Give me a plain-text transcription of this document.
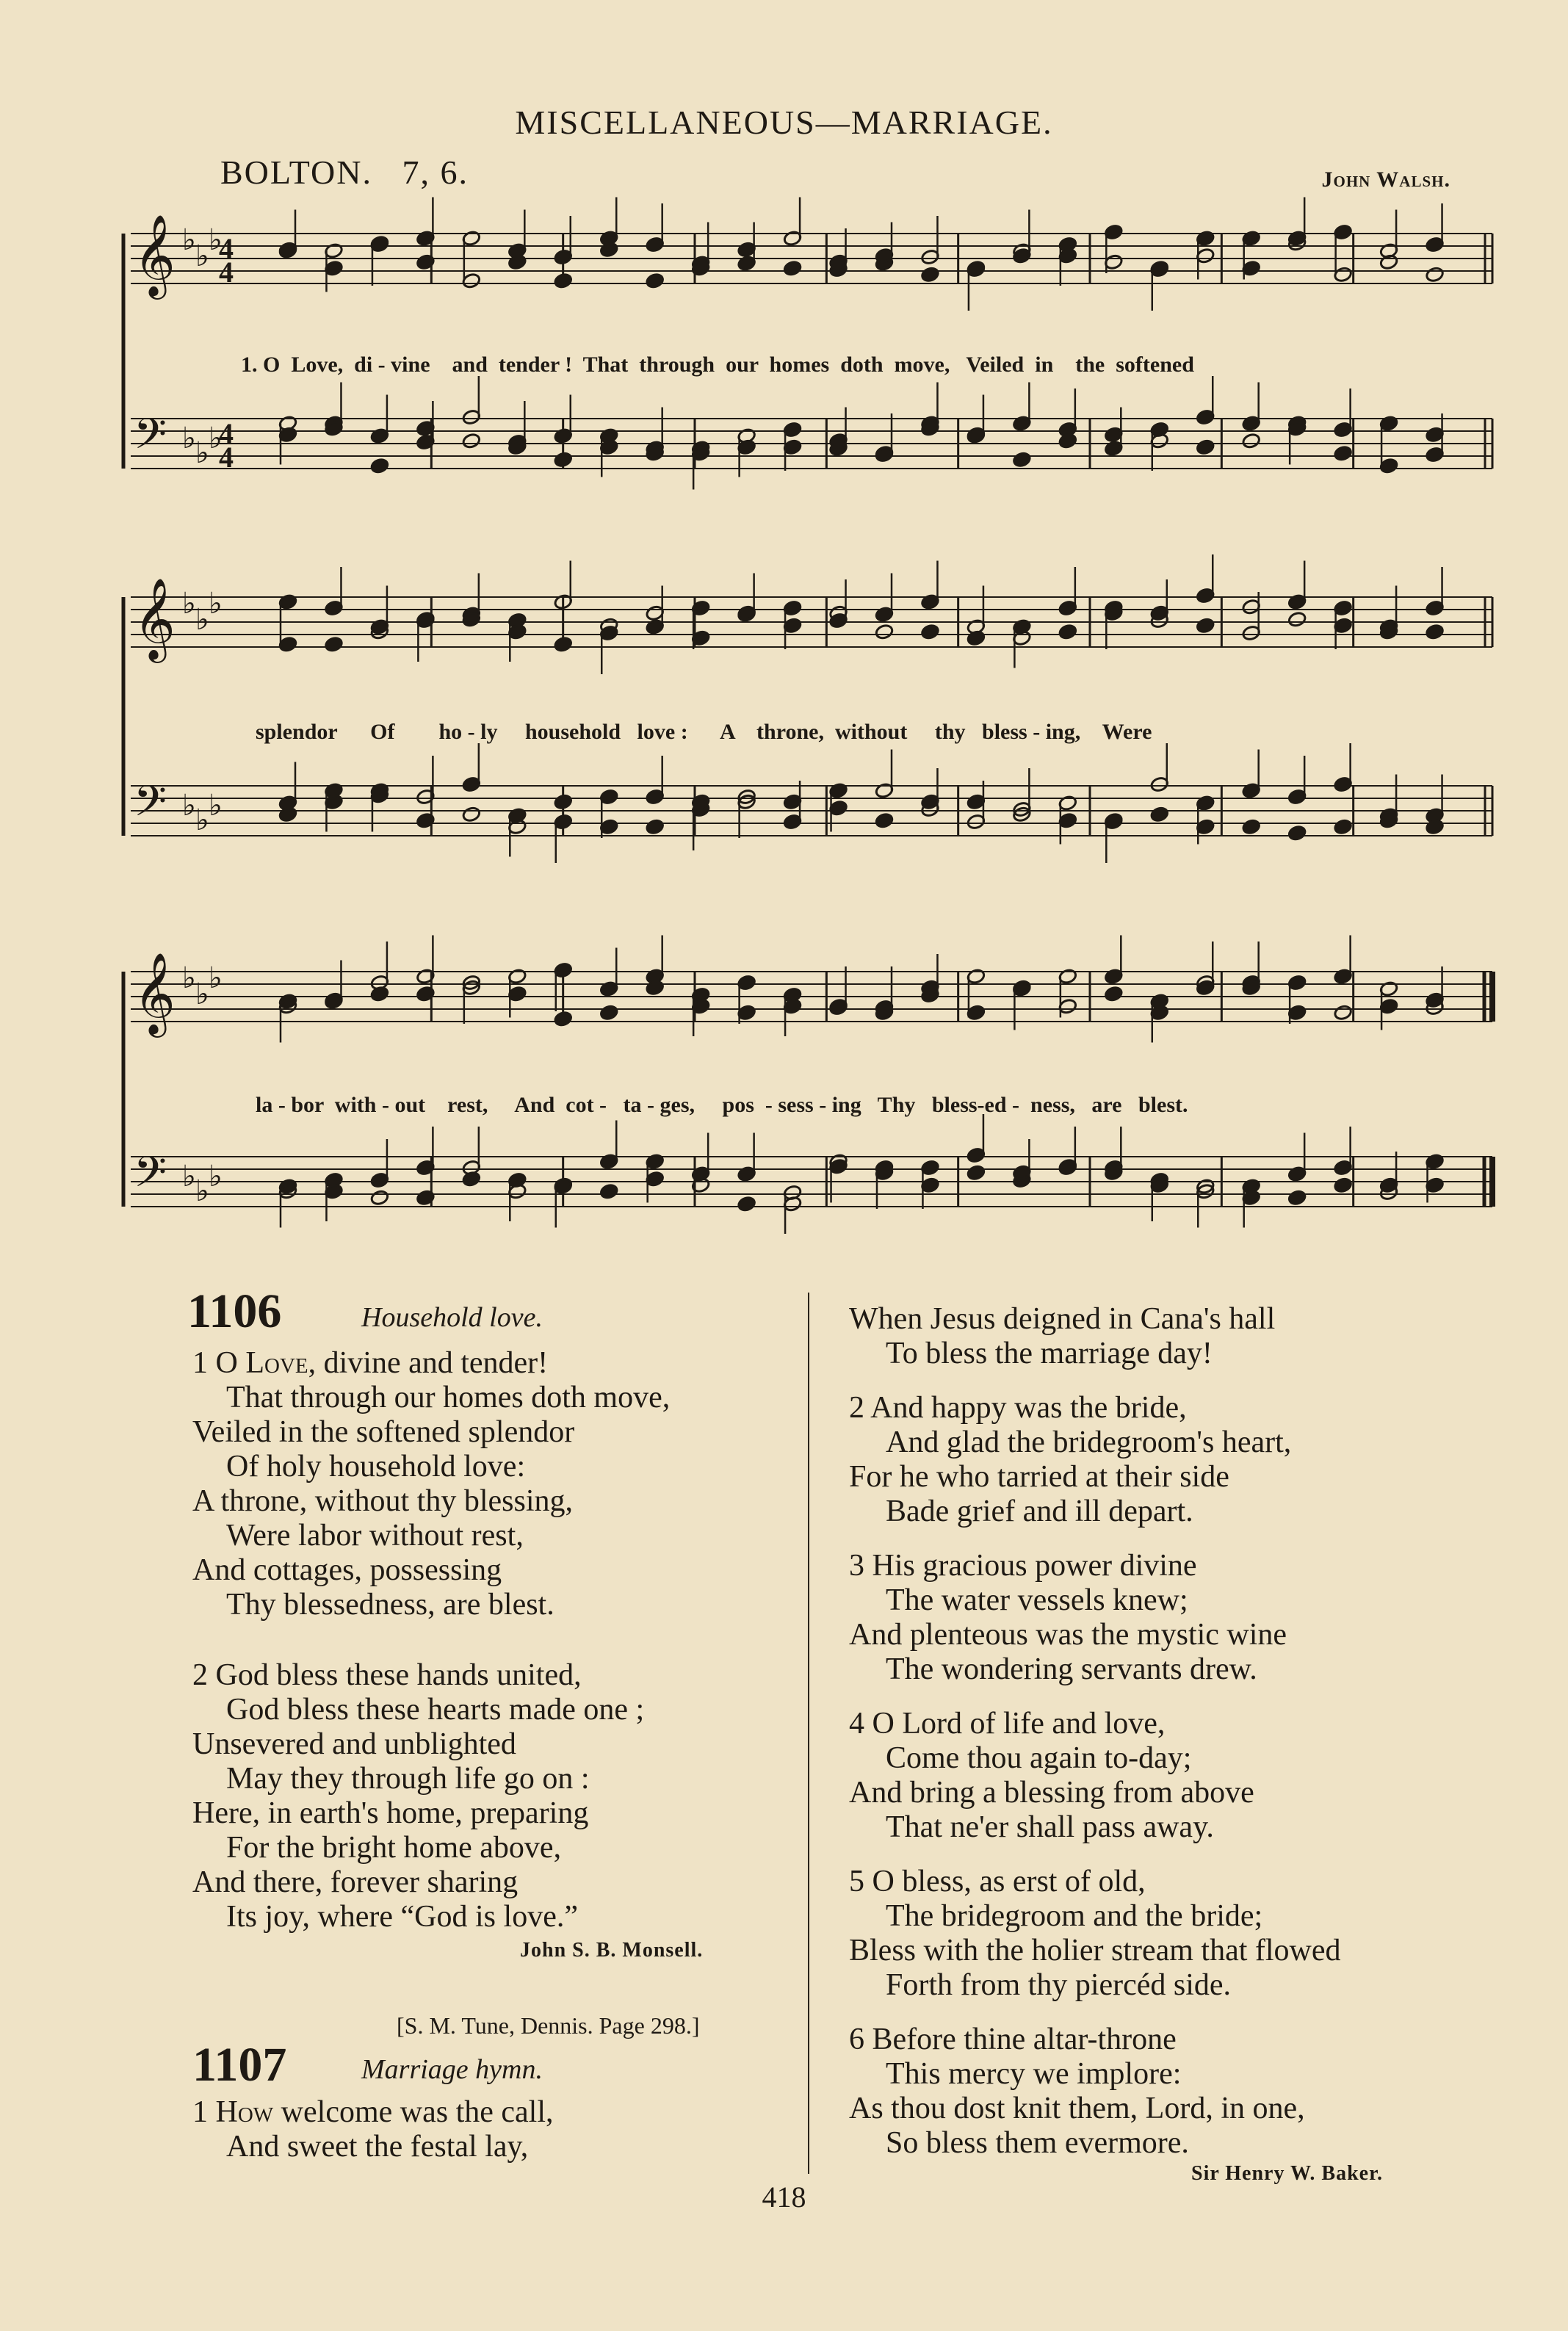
MISCELLANEOUS—MARRIAGE.
BOLTON. 7, 6.	John Walsh.
𝄞 ♭ ♭ ♭
4
4
𝄢 ♭ ♭ ♭
4
4
𝄞 ♭ ♭ ♭
𝄢 ♭ ♭ ♭
𝄞 ♭ ♭ ♭
𝄢 ♭ ♭ ♭
1. O  Love,  di - vine    and  tender !  That  through  our  homes  doth  move,   Veiled  in    the  softened
splendor      Of        ho - ly     household   love :      A    throne,  without     thy   bless - ing,    Were
la - bor  with - out    rest,     And  cot -   ta - ges,     pos  - sess - ing   Thy   bless-ed -  ness,   are   blest.
1106	Household love.
1 O Love, divine and tender!
That through our homes doth move,
Veiled in the softened splendor
Of holy household love:
A throne, without thy blessing,
Were labor without rest,
And cottages, possessing
Thy blessedness, are blest.
2 God bless these hands united,
God bless these hearts made one ;
Unsevered and unblighted
May they through life go on :
Here, in earth's home, preparing
For the bright home above,
And there, forever sharing
Its joy, where “God is love.”
John S. B. Monsell.
[S. M. Tune, Dennis. Page 298.]
1107	Marriage hymn.
1 How welcome was the call,
And sweet the festal lay,
When Jesus deigned in Cana's hall
To bless the marriage day!
2 And happy was the bride,
And glad the bridegroom's heart,
For he who tarried at their side
Bade grief and ill depart.
3 His gracious power divine
The water vessels knew;
And plenteous was the mystic wine
The wondering servants drew.
4 O Lord of life and love,
Come thou again to-day;
And bring a blessing from above
That ne'er shall pass away.
5 O bless, as erst of old,
The bridegroom and the bride;
Bless with the holier stream that flowed
Forth from thy piercéd side.
6 Before thine altar-throne
This mercy we implore:
As thou dost knit them, Lord, in one,
So bless them evermore.
Sir Henry W. Baker.
418
